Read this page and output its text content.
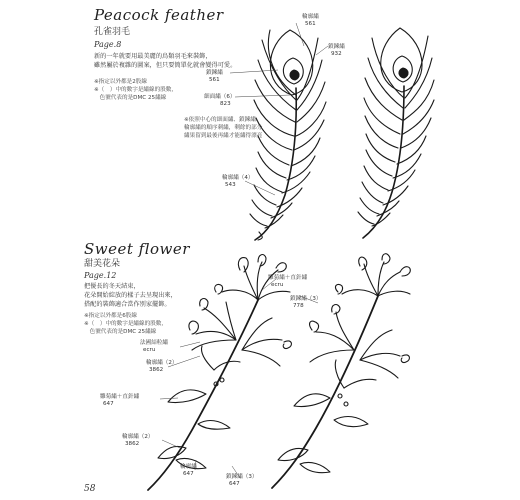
Peacock feather
孔雀羽毛
Page.8
新的一年就要用最美麗的鳥類羽毛來裝飾，
雖然屬於複雜的圖案，但只要簡單化就會變得可愛。
※指定以外都是2股線
※（　）中的數字是繡線的股數，
　色號代表的是DMC 25繡線
輪廓繡
561
鎖鍊繡
932
鎖鍊繡
561
細面繡（6）
823
※依照中心的細面繡、鎖鍊繡、
輪廓繡的順序刺繡，剩餘的部分
繡果留到最後再繡才能繡得漂亮
輪廓繡（4）
543
Sweet flower
甜美花朵
Page.12
把優長的冬天結束，
花朵開始綻放的樣子去呈現出來，
搭配的裝飾適合當作別家擺飾。
※指定以外都是6股線
※（　）中的數字是繡線的股數，
　色號代表的是DMC 25繡線
雛菊繡＋直針繡
ecru
鎖鍊繡（3）
778
法國結粒繡
ecru
輪廓繡（2）
3862
雛菊繡＋直針繡
647
輪廓繡（2）
3862
輪廓繡
647	鎖鍊繡（3）
647
58
